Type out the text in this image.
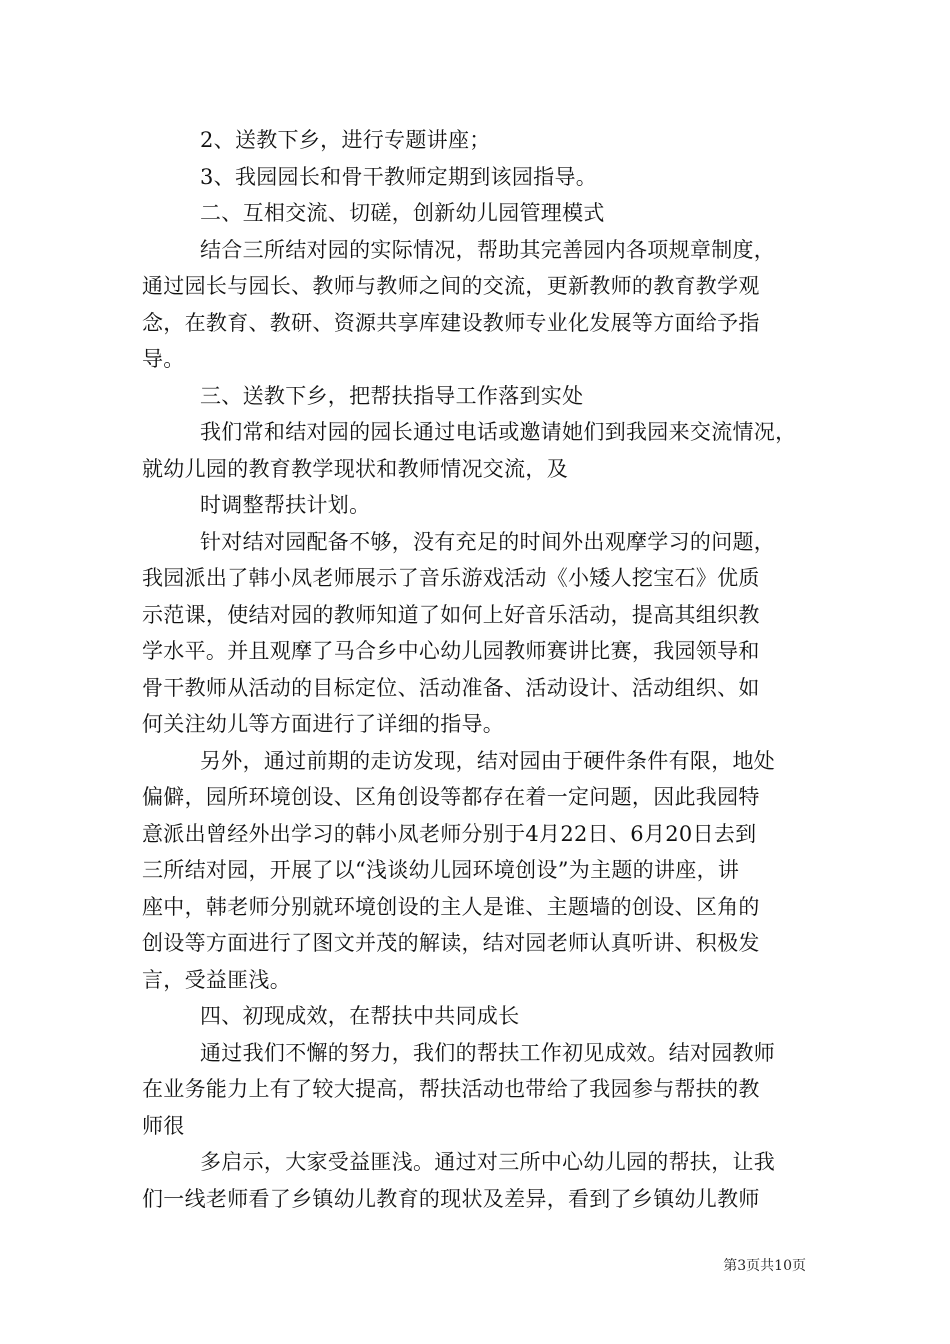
2、送教下乡，进行专题讲座；
3、我园园长和骨干教师定期到该园指导。
二、互相交流、切磋，创新幼儿园管理模式
结合三所结对园的实际情况，帮助其完善园内各项规章制度，
通过园长与园长、教师与教师之间的交流，更新教师的教育教学观
念，在教育、教研、资源共享库建设教师专业化发展等方面给予指
导。
三、送教下乡，把帮扶指导工作落到实处
我们常和结对园的园长通过电话或邀请她们到我园来交流情况，
就幼儿园的教育教学现状和教师情况交流，及
时调整帮扶计划。
针对结对园配备不够，没有充足的时间外出观摩学习的问题，
我园派出了韩小凤老师展示了音乐游戏活动《小矮人挖宝石》优质
示范课，使结对园的教师知道了如何上好音乐活动，提高其组织教
学水平。并且观摩了马合乡中心幼儿园教师赛讲比赛，我园领导和
骨干教师从活动的目标定位、活动准备、活动设计、活动组织、如
何关注幼儿等方面进行了详细的指导。
另外，通过前期的走访发现，结对园由于硬件条件有限，地处
偏僻，园所环境创设、区角创设等都存在着一定问题，因此我园特
意派出曾经外出学习的韩小凤老师分别于4月22日、6月20日去到
三所结对园，开展了以“浅谈幼儿园环境创设”为主题的讲座，讲
座中，韩老师分别就环境创设的主人是谁、主题墙的创设、区角的
创设等方面进行了图文并茂的解读，结对园老师认真听讲、积极发
言，受益匪浅。
四、初现成效，在帮扶中共同成长
通过我们不懈的努力，我们的帮扶工作初见成效。结对园教师
在业务能力上有了较大提高，帮扶活动也带给了我园参与帮扶的教
师很
多启示，大家受益匪浅。通过对三所中心幼儿园的帮扶，让我
们一线老师看了乡镇幼儿教育的现状及差异，看到了乡镇幼儿教师
第3页共10页
